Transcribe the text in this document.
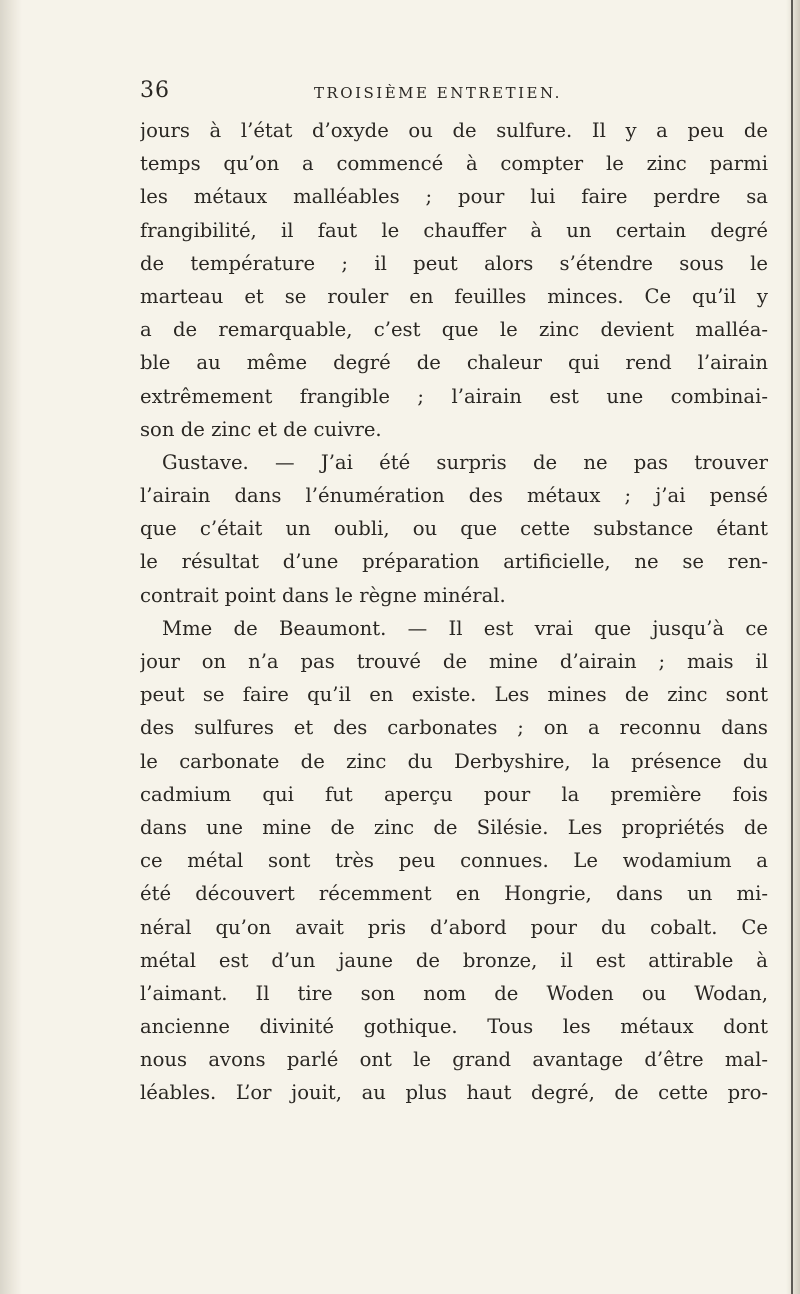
36	TROISIÈME ENTRETIEN.
jours à l’état d’oxyde ou de sulfure. Il y a peu de
temps qu’on a commencé à compter le zinc parmi
les métaux malléables ; pour lui faire perdre sa
frangibilité, il faut le chauffer à un certain degré
de température ; il peut alors s’étendre sous le
marteau et se rouler en feuilles minces. Ce qu’il y
a de remarquable, c’est que le zinc devient malléa-
ble au même degré de chaleur qui rend l’airain
extrêmement frangible ; l’airain est une combinai-
son de zinc et de cuivre.
Gustave. — J’ai été surpris de ne pas trouver
l’airain dans l’énumération des métaux ; j’ai pensé
que c’était un oubli, ou que cette substance étant
le résultat d’une préparation artificielle, ne se ren-
contrait point dans le règne minéral.
Mme de Beaumont. — Il est vrai que jusqu’à ce
jour on n’a pas trouvé de mine d’airain ; mais il
peut se faire qu’il en existe. Les mines de zinc sont
des sulfures et des carbonates ; on a reconnu dans
le carbonate de zinc du Derbyshire, la présence du
cadmium qui fut aperçu pour la première fois
dans une mine de zinc de Silésie. Les propriétés de
ce métal sont très peu connues. Le wodamium a
été découvert récemment en Hongrie, dans un mi-
néral qu’on avait pris d’abord pour du cobalt. Ce
métal est d’un jaune de bronze, il est attirable à
l’aimant. Il tire son nom de Woden ou Wodan,
ancienne divinité gothique. Tous les métaux dont
nous avons parlé ont le grand avantage d’être mal-
léables. L’or jouit, au plus haut degré, de cette pro-
